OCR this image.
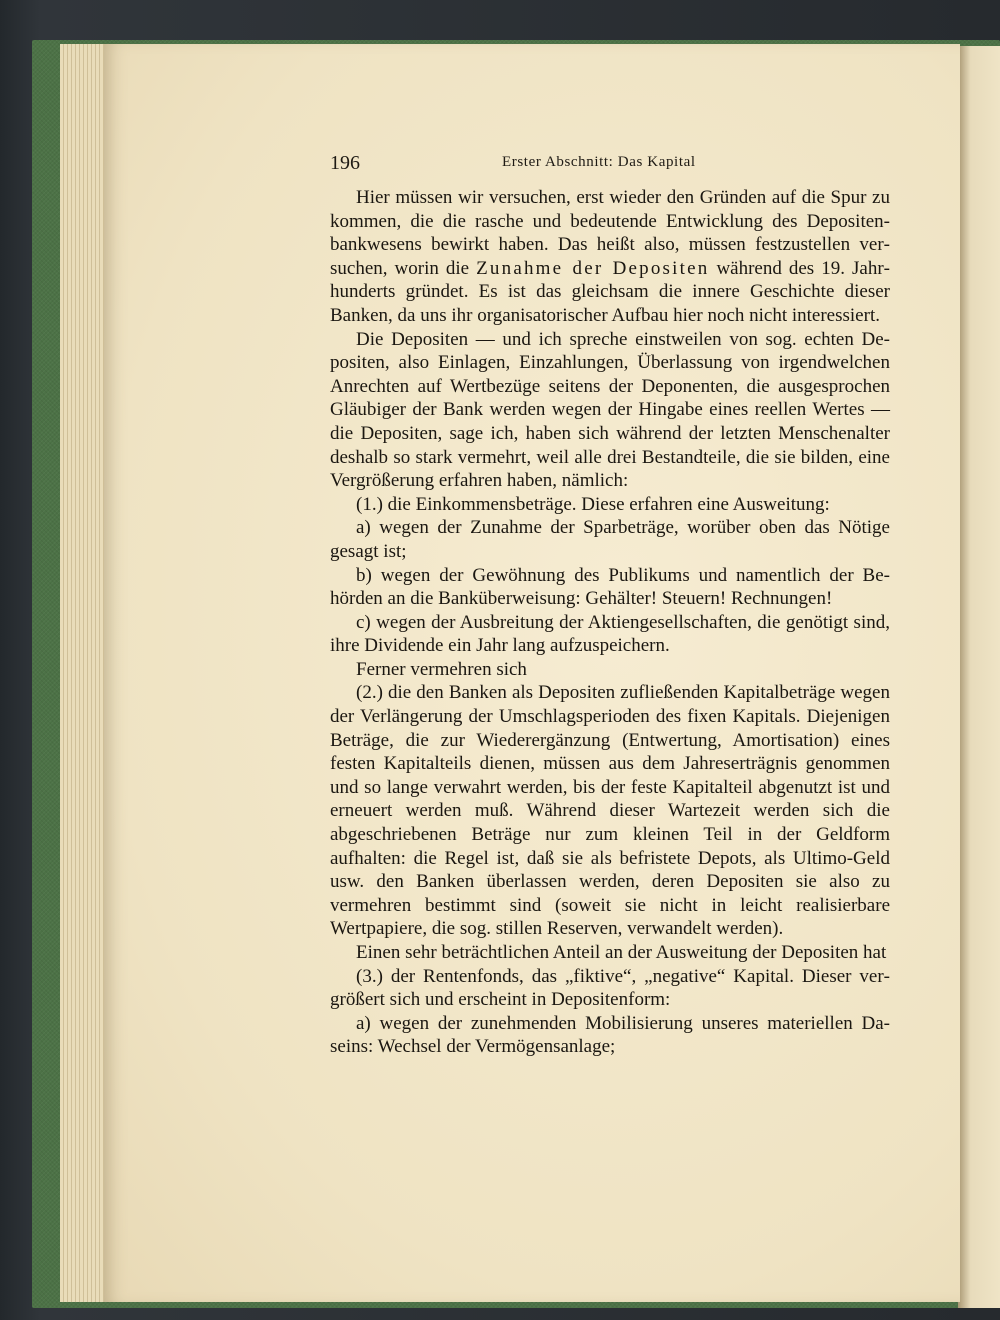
196	Erster Abschnitt: Das Kapital

Hier müssen wir versuchen, erst wieder den Gründen auf die Spur zu kommen, die die rasche und bedeutende Entwicklung des Depositenbankwesens bewirkt haben. Das heißt also, müssen festzustellen versuchen, worin die Zunahme der Depositen während des 19. Jahrhunderts gründet. Es ist das gleichsam die innere Geschichte dieser Banken, da uns ihr organisatorischer Aufbau hier noch nicht interessiert.

Die Depositen — und ich spreche einstweilen von sog. echten Depositen, also Einlagen, Einzahlungen, Überlassung von irgendwelchen Anrechten auf Wertbezüge seitens der Deponenten, die ausgesprochen Gläubiger der Bank werden wegen der Hingabe eines reellen Wertes — die Depositen, sage ich, haben sich während der letzten Menschenalter deshalb so stark vermehrt, weil alle drei Bestandteile, die sie bilden, eine Vergrößerung erfahren haben, nämlich:

(1.) die Einkommensbeträge. Diese erfahren eine Ausweitung:

a) wegen der Zunahme der Sparbeträge, worüber oben das Nötige gesagt ist;

b) wegen der Gewöhnung des Publikums und namentlich der Behörden an die Banküberweisung: Gehälter! Steuern! Rechnungen!

c) wegen der Ausbreitung der Aktiengesellschaften, die genötigt sind, ihre Dividende ein Jahr lang aufzuspeichern.

Ferner vermehren sich

(2.) die den Banken als Depositen zufließenden Kapitalbeträge wegen der Verlängerung der Umschlagsperioden des fixen Kapitals. Diejenigen Beträge, die zur Wiederergänzung (Entwertung, Amortisation) eines festen Kapitalteils dienen, müssen aus dem Jahreserträgnis genommen und so lange verwahrt werden, bis der feste Kapitalteil abgenutzt ist und erneuert werden muß. Während dieser Wartezeit werden sich die abgeschriebenen Beträge nur zum kleinen Teil in der Geldform aufhalten: die Regel ist, daß sie als befristete Depots, als Ultimo-Geld usw. den Banken überlassen werden, deren Depositen sie also zu vermehren bestimmt sind (soweit sie nicht in leicht realisierbare Wertpapiere, die sog. stillen Reserven, verwandelt werden).

Einen sehr beträchtlichen Anteil an der Ausweitung der Depositen hat

(3.) der Rentenfonds, das „fiktive“, „negative“ Kapital. Dieser vergrößert sich und erscheint in Depositenform:

a) wegen der zunehmenden Mobilisierung unseres materiellen Daseins: Wechsel der Vermögensanlage;
